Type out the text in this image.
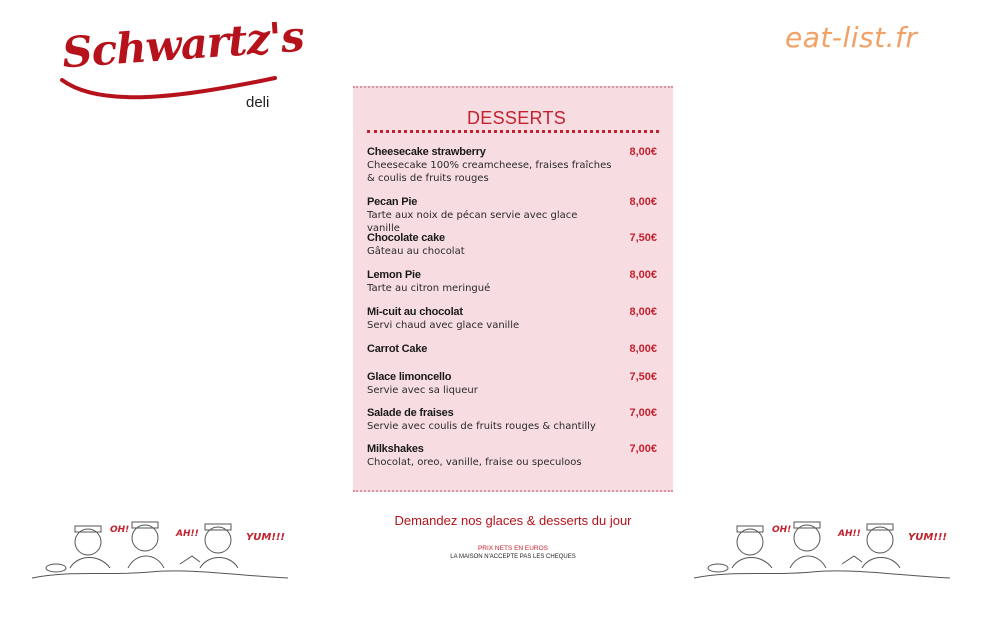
Schwartz's
deli
eat-list.fr
DESSERTS
Cheesecake strawberry
Cheesecake 100% creamcheese, fraises fraîches & coulis de fruits rouges
8,00€
Pecan Pie
Tarte aux noix de pécan servie avec glace vanille
8,00€
Chocolate cake
Gâteau au chocolat
7,50€
Lemon Pie
Tarte au citron meringué
8,00€
Mi-cuit au chocolat
Servi chaud avec glace vanille
8,00€
Carrot Cake	8,00€
Glace limoncello
Servie avec sa liqueur
7,50€
Salade de fraises
Servie avec coulis de fruits rouges & chantilly
7,00€
Milkshakes
Chocolat, oreo, vanille, fraise ou speculoos
7,00€
Demandez nos glaces & desserts du jour
PRIX NETS EN EUROS
LA MAISON N'ACCEPTE PAS LES CHEQUES
OH!	AH!!	YUM!!!
OH!	AH!!	YUM!!!
